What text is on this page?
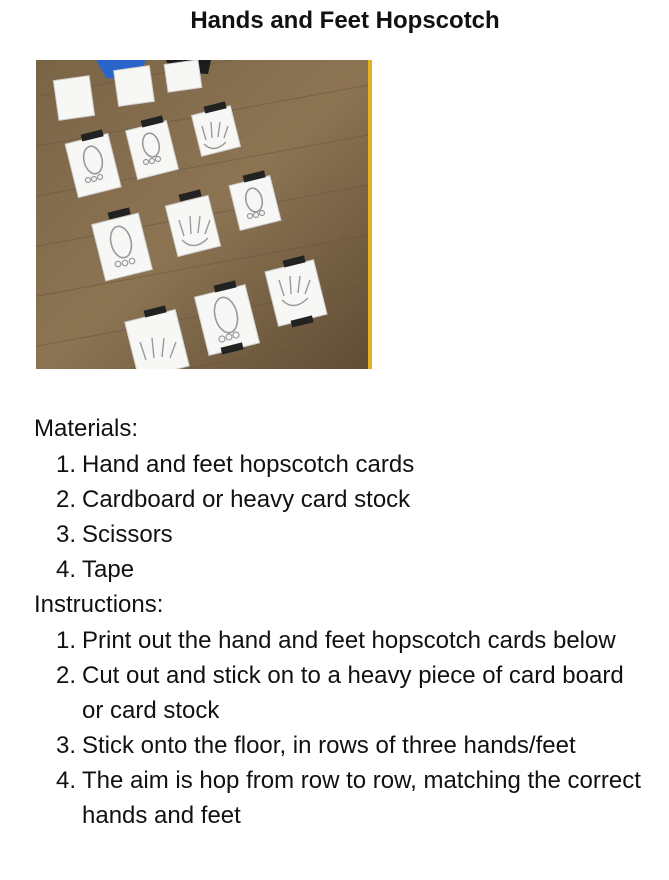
Hands and Feet Hopscotch
Materials:
1. Hand and feet hopscotch cards
2. Cardboard or heavy card stock
3. Scissors
4. Tape
Instructions:
1. Print out the hand and feet hopscotch cards below
2. Cut out and stick on to a heavy piece of card board or card stock
3. Stick onto the floor, in rows of three hands/feet
4. The aim is hop from row to row, matching the correct hands and feet
